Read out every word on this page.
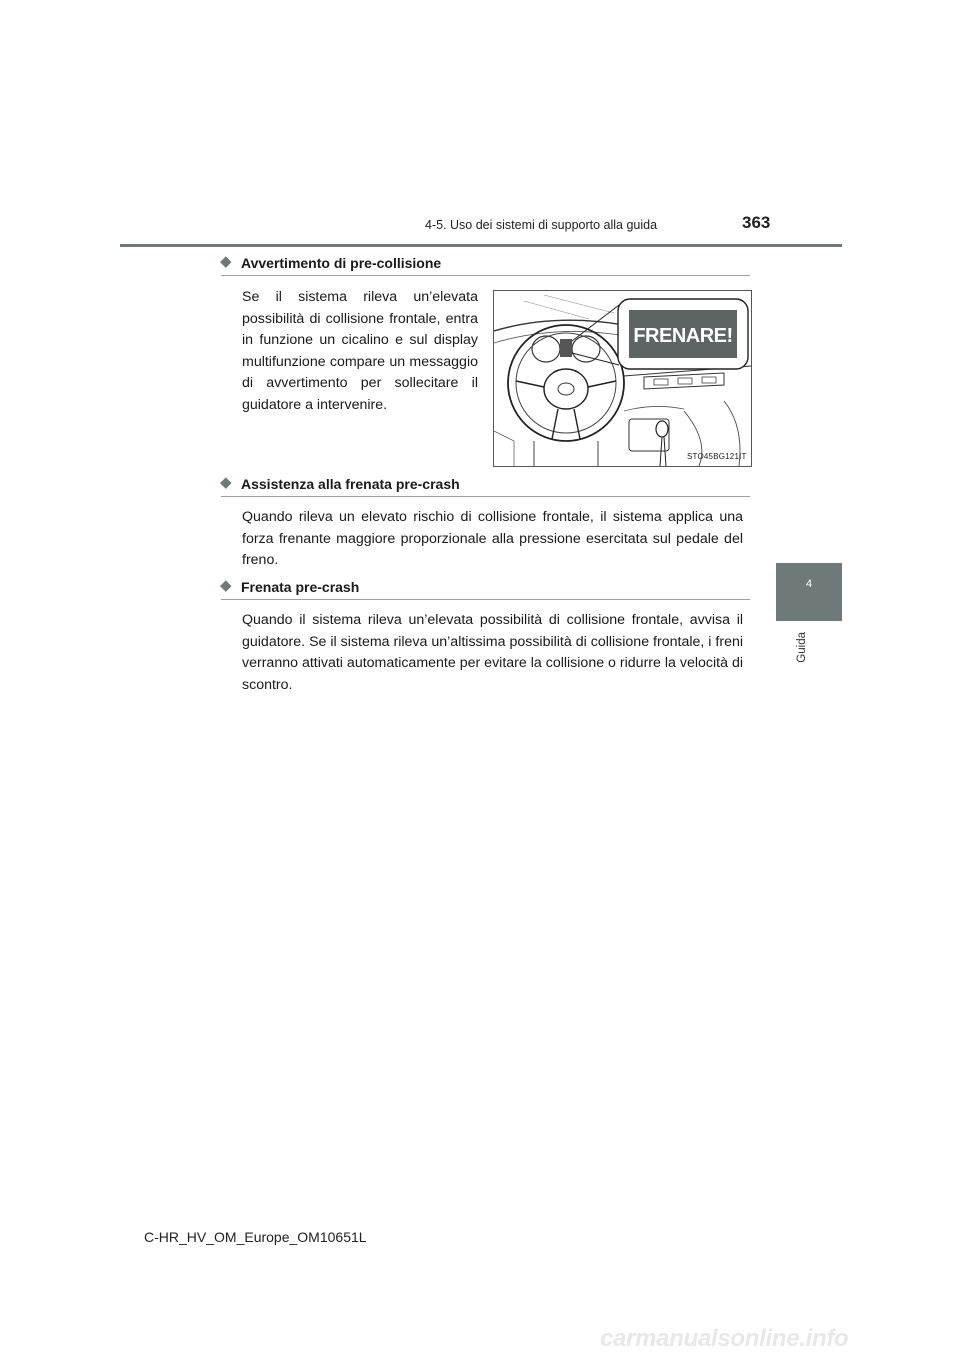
4-5. Uso dei sistemi di supporto alla guida	363
4
Guida
◆ Avvertimento di pre-collisione
Se il sistema rileva un’elevata possibilità di collisione frontale, entra in funzione un cicalino e sul display multifunzione compare un messaggio di avvertimento per sollecitare il guidatore a intervenire.
FRENARE!
STO45BG121IT
◆ Assistenza alla frenata pre-crash
Quando rileva un elevato rischio di collisione frontale, il sistema applica una forza frenante maggiore proporzionale alla pressione esercitata sul pedale del freno.
◆ Frenata pre-crash
Quando il sistema rileva un’elevata possibilità di collisione frontale, avvisa il guidatore. Se il sistema rileva un’altissima possibilità di collisione frontale, i freni verranno attivati automaticamente per evitare la collisione o ridurre la velocità di scontro.
C-HR_HV_OM_Europe_OM10651L
carmanualsonline.info
